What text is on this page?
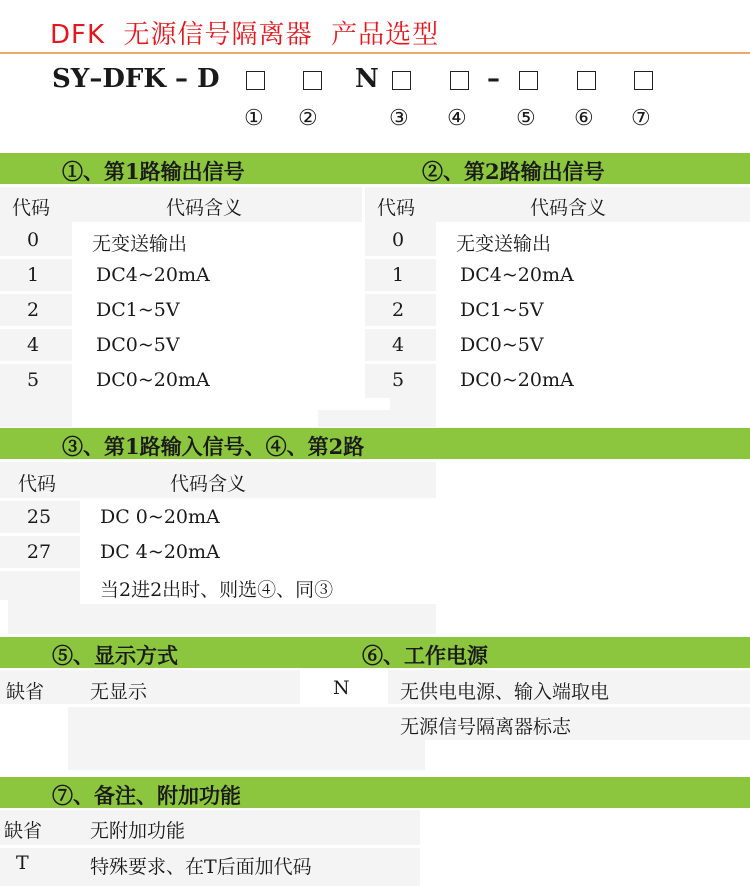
DFK  无源信号隔离器  产品选型
SY–DFK – D	N	–
① ②	③ ④ ⑤ ⑥ ⑦
①、第1路输出信号	②、第2路输出信号
代码	代码含义	代码	代码含义
0	无变送输出
1	DC4~20mA
2	DC1~5V
4	DC0~5V
5	DC0~20mA
0	无变送输出
1	DC4~20mA
2	DC1~5V
4	DC0~5V
5	DC0~20mA
③、第1路输入信号、④、第2路
代码	代码含义
25	DC 0~20mA
27	DC 4~20mA
当2进2出时、则选④、同③
⑤、显示方式	⑥、工作电源
缺省 无显示	N	无供电电源、输入端取电
无源信号隔离器标志
⑦、备注、附加功能
缺省	无附加功能
T	特殊要求、在T后面加代码
